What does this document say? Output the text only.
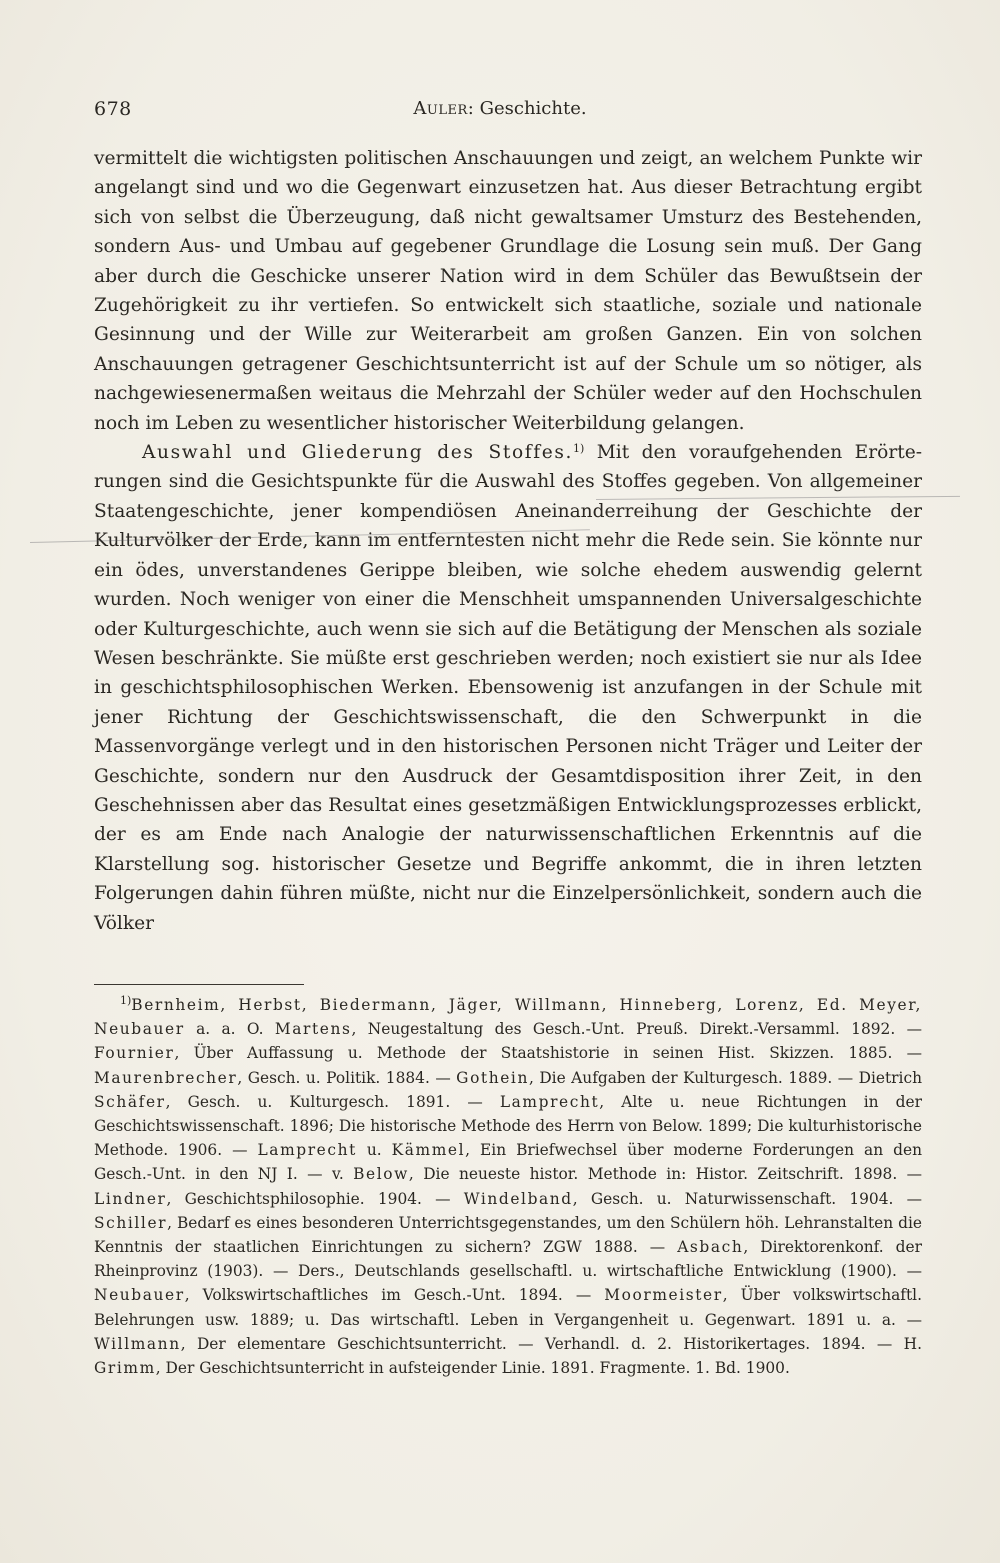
678	Auler: Geschichte.

vermittelt die wichtigsten politischen Anschauungen und zeigt, an welchem Punkte wir angelangt sind und wo die Gegenwart einzusetzen hat. Aus dieser Betrachtung ergibt sich von selbst die Überzeugung, daß nicht gewaltsamer Umsturz des Bestehenden, sondern Aus- und Umbau auf gegebener Grundlage die Losung sein muß. Der Gang aber durch die Geschicke unserer Nation wird in dem Schüler das Bewußtsein der Zugehörigkeit zu ihr vertiefen. So entwickelt sich staatliche, soziale und nationale Gesinnung und der Wille zur Weiterarbeit am großen Ganzen. Ein von solchen Anschauungen getragener Geschichtsunterricht ist auf der Schule um so nötiger, als nachgewiesenermaßen weitaus die Mehrzahl der Schüler weder auf den Hochschulen noch im Leben zu wesentlicher historischer Weiterbildung gelangen.

Auswahl und Gliederung des Stoffes.$^{1)}$ Mit den voraufgehenden Erörterungen sind die Gesichtspunkte für die Auswahl des Stoffes gegeben. Von allgemeiner Staatengeschichte, jener kompendiösen Aneinanderreihung der Geschichte der Kulturvölker der Erde, kann im entferntesten nicht mehr die Rede sein. Sie könnte nur ein ödes, unverstandenes Gerippe bleiben, wie solche ehedem auswendig gelernt wurden. Noch weniger von einer die Menschheit umspannenden Universalgeschichte oder Kulturgeschichte, auch wenn sie sich auf die Betätigung der Menschen als soziale Wesen beschränkte. Sie müßte erst geschrieben werden; noch existiert sie nur als Idee in geschichtsphilosophischen Werken. Ebensowenig ist anzufangen in der Schule mit jener Richtung der Geschichtswissenschaft, die den Schwerpunkt in die Massenvorgänge verlegt und in den historischen Personen nicht Träger und Leiter der Geschichte, sondern nur den Ausdruck der Gesamtdisposition ihrer Zeit, in den Geschehnissen aber das Resultat eines gesetzmäßigen Entwicklungsprozesses erblickt, der es am Ende nach Analogie der naturwissenschaftlichen Erkenntnis auf die Klarstellung sog. historischer Gesetze und Begriffe ankommt, die in ihren letzten Folgerungen dahin führen müßte, nicht nur die Einzelpersönlichkeit, sondern auch die Völker

$^{1)}$Bernheim, Herbst, Biedermann, Jäger, Willmann, Hinneberg, Lorenz, Ed. Meyer, Neubauer a. a. O. Martens, Neugestaltung des Gesch.-Unt. Preuß. Direkt.-Versamml. 1892. — Fournier, Über Auffassung u. Methode der Staatshistorie in seinen Hist. Skizzen. 1885. — Maurenbrecher, Gesch. u. Politik. 1884. — Gothein, Die Aufgaben der Kulturgesch. 1889. — Dietrich Schäfer, Gesch. u. Kulturgesch. 1891. — Lamprecht, Alte u. neue Richtungen in der Geschichtswissenschaft. 1896; Die historische Methode des Herrn von Below. 1899; Die kulturhistorische Methode. 1906. — Lamprecht u. Kämmel, Ein Briefwechsel über moderne Forderungen an den Gesch.-Unt. in den NJ I. — v. Below, Die neueste histor. Methode in: Histor. Zeitschrift. 1898. — Lindner, Geschichtsphilosophie. 1904. — Windelband, Gesch. u. Naturwissenschaft. 1904. — Schiller, Bedarf es eines besonderen Unterrichtsgegenstandes, um den Schülern höh. Lehranstalten die Kenntnis der staatlichen Einrichtungen zu sichern? ZGW 1888. — Asbach, Direktorenkonf. der Rheinprovinz (1903). — Ders., Deutschlands gesellschaftl. u. wirtschaftliche Entwicklung (1900). — Neubauer, Volkswirtschaftliches im Gesch.-Unt. 1894. — Moormeister, Über volkswirtschaftl. Belehrungen usw. 1889; u. Das wirtschaftl. Leben in Vergangenheit u. Gegenwart. 1891 u. a. — Willmann, Der elementare Geschichtsunterricht. — Verhandl. d. 2. Historikertages. 1894. — H. Grimm, Der Geschichtsunterricht in aufsteigender Linie. 1891. Fragmente. 1. Bd. 1900.
